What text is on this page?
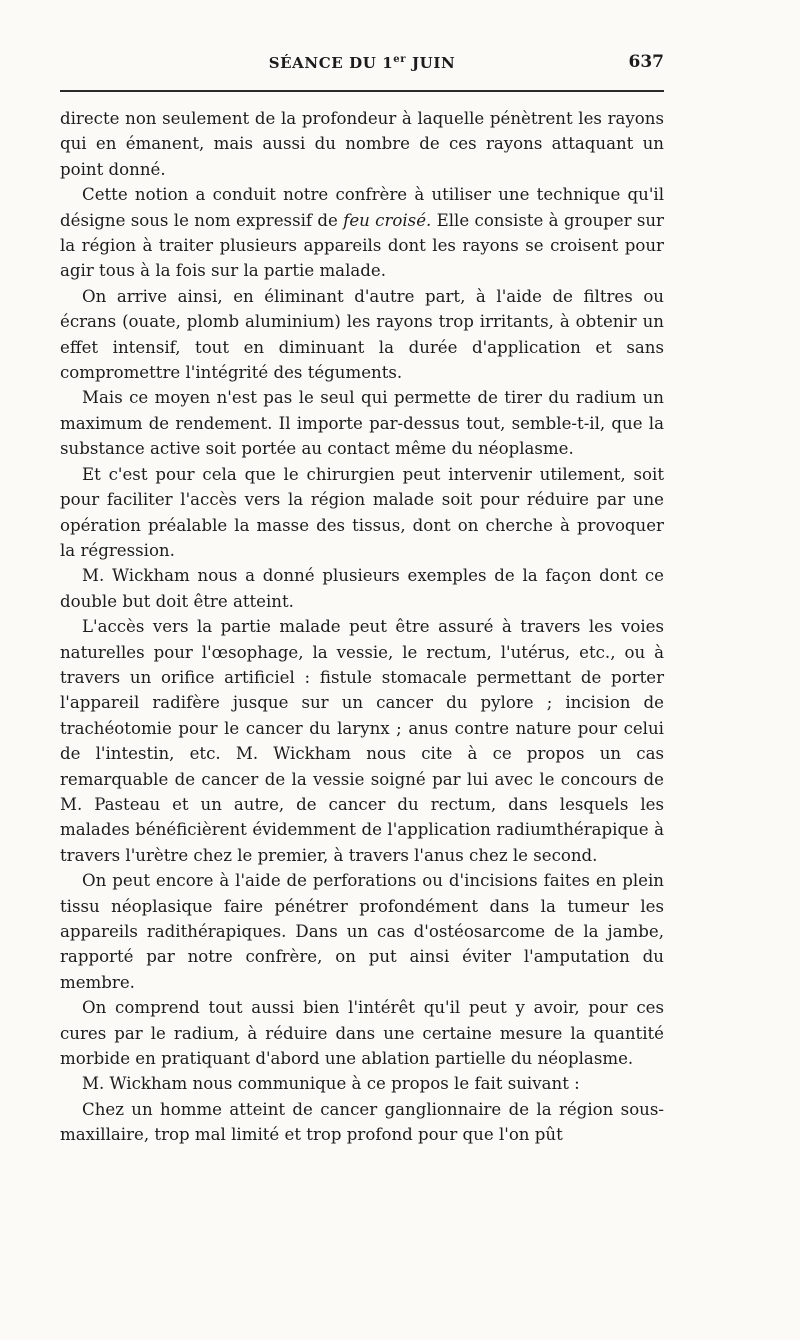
SÉANCE DU 1er JUIN	637

directe non seulement de la profondeur à laquelle pénètrent les rayons qui en émanent, mais aussi du nombre de ces rayons attaquant un point donné.

Cette notion a conduit notre confrère à utiliser une technique qu'il désigne sous le nom expressif de feu croisé. Elle consiste à grouper sur la région à traiter plusieurs appareils dont les rayons se croisent pour agir tous à la fois sur la partie malade.

On arrive ainsi, en éliminant d'autre part, à l'aide de filtres ou écrans (ouate, plomb aluminium) les rayons trop irritants, à obtenir un effet intensif, tout en diminuant la durée d'application et sans compromettre l'intégrité des téguments.

Mais ce moyen n'est pas le seul qui permette de tirer du radium un maximum de rendement. Il importe par-dessus tout, semble-t-il, que la substance active soit portée au contact même du néoplasme.

Et c'est pour cela que le chirurgien peut intervenir utilement, soit pour faciliter l'accès vers la région malade soit pour réduire par une opération préalable la masse des tissus, dont on cherche à provoquer la régression.

M. Wickham nous a donné plusieurs exemples de la façon dont ce double but doit être atteint.

L'accès vers la partie malade peut être assuré à travers les voies naturelles pour l'œsophage, la vessie, le rectum, l'utérus, etc., ou à travers un orifice artificiel : fistule stomacale permettant de porter l'appareil radifère jusque sur un cancer du pylore ; incision de trachéotomie pour le cancer du larynx ; anus contre nature pour celui de l'intestin, etc. M. Wickham nous cite à ce propos un cas remarquable de cancer de la vessie soigné par lui avec le concours de M. Pasteau et un autre, de cancer du rectum, dans lesquels les malades bénéficièrent évidemment de l'application radiumthérapique à travers l'urètre chez le premier, à travers l'anus chez le second.

On peut encore à l'aide de perforations ou d'incisions faites en plein tissu néoplasique faire pénétrer profondément dans la tumeur les appareils radithérapiques. Dans un cas d'ostéosarcome de la jambe, rapporté par notre confrère, on put ainsi éviter l'amputation du membre.

On comprend tout aussi bien l'intérêt qu'il peut y avoir, pour ces cures par le radium, à réduire dans une certaine mesure la quantité morbide en pratiquant d'abord une ablation partielle du néoplasme.

M. Wickham nous communique à ce propos le fait suivant :

Chez un homme atteint de cancer ganglionnaire de la région sous-maxillaire, trop mal limité et trop profond pour que l'on pût
